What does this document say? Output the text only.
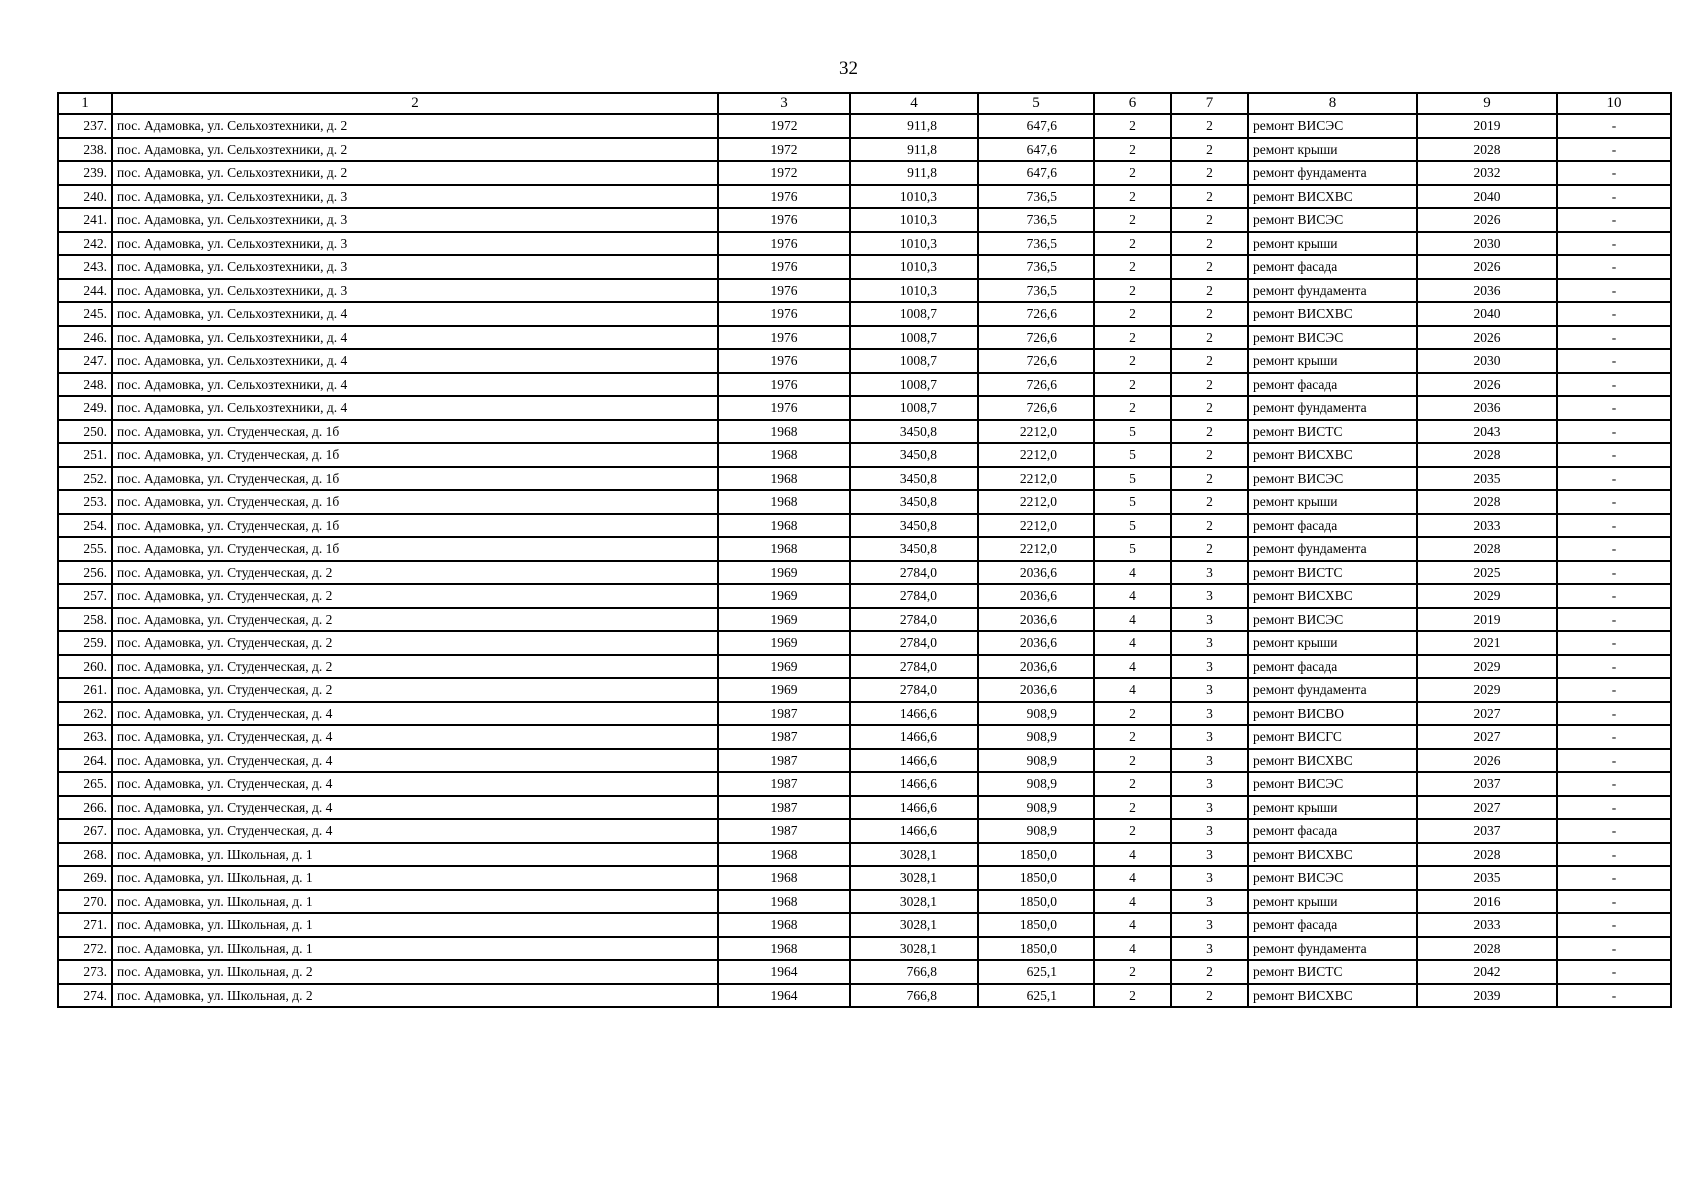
32
1	2	3	4	5	6	7	8	9	10
237.	пос. Адамовка, ул. Сельхозтехники, д. 2	1972	911,8	647,6	2	2	ремонт ВИСЭС	2019	-
238.	пос. Адамовка, ул. Сельхозтехники, д. 2	1972	911,8	647,6	2	2	ремонт крыши	2028	-
239.	пос. Адамовка, ул. Сельхозтехники, д. 2	1972	911,8	647,6	2	2	ремонт фундамента	2032	-
240.	пос. Адамовка, ул. Сельхозтехники, д. 3	1976	1010,3	736,5	2	2	ремонт ВИСХВС	2040	-
241.	пос. Адамовка, ул. Сельхозтехники, д. 3	1976	1010,3	736,5	2	2	ремонт ВИСЭС	2026	-
242.	пос. Адамовка, ул. Сельхозтехники, д. 3	1976	1010,3	736,5	2	2	ремонт крыши	2030	-
243.	пос. Адамовка, ул. Сельхозтехники, д. 3	1976	1010,3	736,5	2	2	ремонт фасада	2026	-
244.	пос. Адамовка, ул. Сельхозтехники, д. 3	1976	1010,3	736,5	2	2	ремонт фундамента	2036	-
245.	пос. Адамовка, ул. Сельхозтехники, д. 4	1976	1008,7	726,6	2	2	ремонт ВИСХВС	2040	-
246.	пос. Адамовка, ул. Сельхозтехники, д. 4	1976	1008,7	726,6	2	2	ремонт ВИСЭС	2026	-
247.	пос. Адамовка, ул. Сельхозтехники, д. 4	1976	1008,7	726,6	2	2	ремонт крыши	2030	-
248.	пос. Адамовка, ул. Сельхозтехники, д. 4	1976	1008,7	726,6	2	2	ремонт фасада	2026	-
249.	пос. Адамовка, ул. Сельхозтехники, д. 4	1976	1008,7	726,6	2	2	ремонт фундамента	2036	-
250.	пос. Адамовка, ул. Студенческая, д. 1б	1968	3450,8	2212,0	5	2	ремонт ВИСТС	2043	-
251.	пос. Адамовка, ул. Студенческая, д. 1б	1968	3450,8	2212,0	5	2	ремонт ВИСХВС	2028	-
252.	пос. Адамовка, ул. Студенческая, д. 1б	1968	3450,8	2212,0	5	2	ремонт ВИСЭС	2035	-
253.	пос. Адамовка, ул. Студенческая, д. 1б	1968	3450,8	2212,0	5	2	ремонт крыши	2028	-
254.	пос. Адамовка, ул. Студенческая, д. 1б	1968	3450,8	2212,0	5	2	ремонт фасада	2033	-
255.	пос. Адамовка, ул. Студенческая, д. 1б	1968	3450,8	2212,0	5	2	ремонт фундамента	2028	-
256.	пос. Адамовка, ул. Студенческая, д. 2	1969	2784,0	2036,6	4	3	ремонт ВИСТС	2025	-
257.	пос. Адамовка, ул. Студенческая, д. 2	1969	2784,0	2036,6	4	3	ремонт ВИСХВС	2029	-
258.	пос. Адамовка, ул. Студенческая, д. 2	1969	2784,0	2036,6	4	3	ремонт ВИСЭС	2019	-
259.	пос. Адамовка, ул. Студенческая, д. 2	1969	2784,0	2036,6	4	3	ремонт крыши	2021	-
260.	пос. Адамовка, ул. Студенческая, д. 2	1969	2784,0	2036,6	4	3	ремонт фасада	2029	-
261.	пос. Адамовка, ул. Студенческая, д. 2	1969	2784,0	2036,6	4	3	ремонт фундамента	2029	-
262.	пос. Адамовка, ул. Студенческая, д. 4	1987	1466,6	908,9	2	3	ремонт ВИСВО	2027	-
263.	пос. Адамовка, ул. Студенческая, д. 4	1987	1466,6	908,9	2	3	ремонт ВИСГС	2027	-
264.	пос. Адамовка, ул. Студенческая, д. 4	1987	1466,6	908,9	2	3	ремонт ВИСХВС	2026	-
265.	пос. Адамовка, ул. Студенческая, д. 4	1987	1466,6	908,9	2	3	ремонт ВИСЭС	2037	-
266.	пос. Адамовка, ул. Студенческая, д. 4	1987	1466,6	908,9	2	3	ремонт крыши	2027	-
267.	пос. Адамовка, ул. Студенческая, д. 4	1987	1466,6	908,9	2	3	ремонт фасада	2037	-
268.	пос. Адамовка, ул. Школьная, д. 1	1968	3028,1	1850,0	4	3	ремонт ВИСХВС	2028	-
269.	пос. Адамовка, ул. Школьная, д. 1	1968	3028,1	1850,0	4	3	ремонт ВИСЭС	2035	-
270.	пос. Адамовка, ул. Школьная, д. 1	1968	3028,1	1850,0	4	3	ремонт крыши	2016	-
271.	пос. Адамовка, ул. Школьная, д. 1	1968	3028,1	1850,0	4	3	ремонт фасада	2033	-
272.	пос. Адамовка, ул. Школьная, д. 1	1968	3028,1	1850,0	4	3	ремонт фундамента	2028	-
273.	пос. Адамовка, ул. Школьная, д. 2	1964	766,8	625,1	2	2	ремонт ВИСТС	2042	-
274.	пос. Адамовка, ул. Школьная, д. 2	1964	766,8	625,1	2	2	ремонт ВИСХВС	2039	-
